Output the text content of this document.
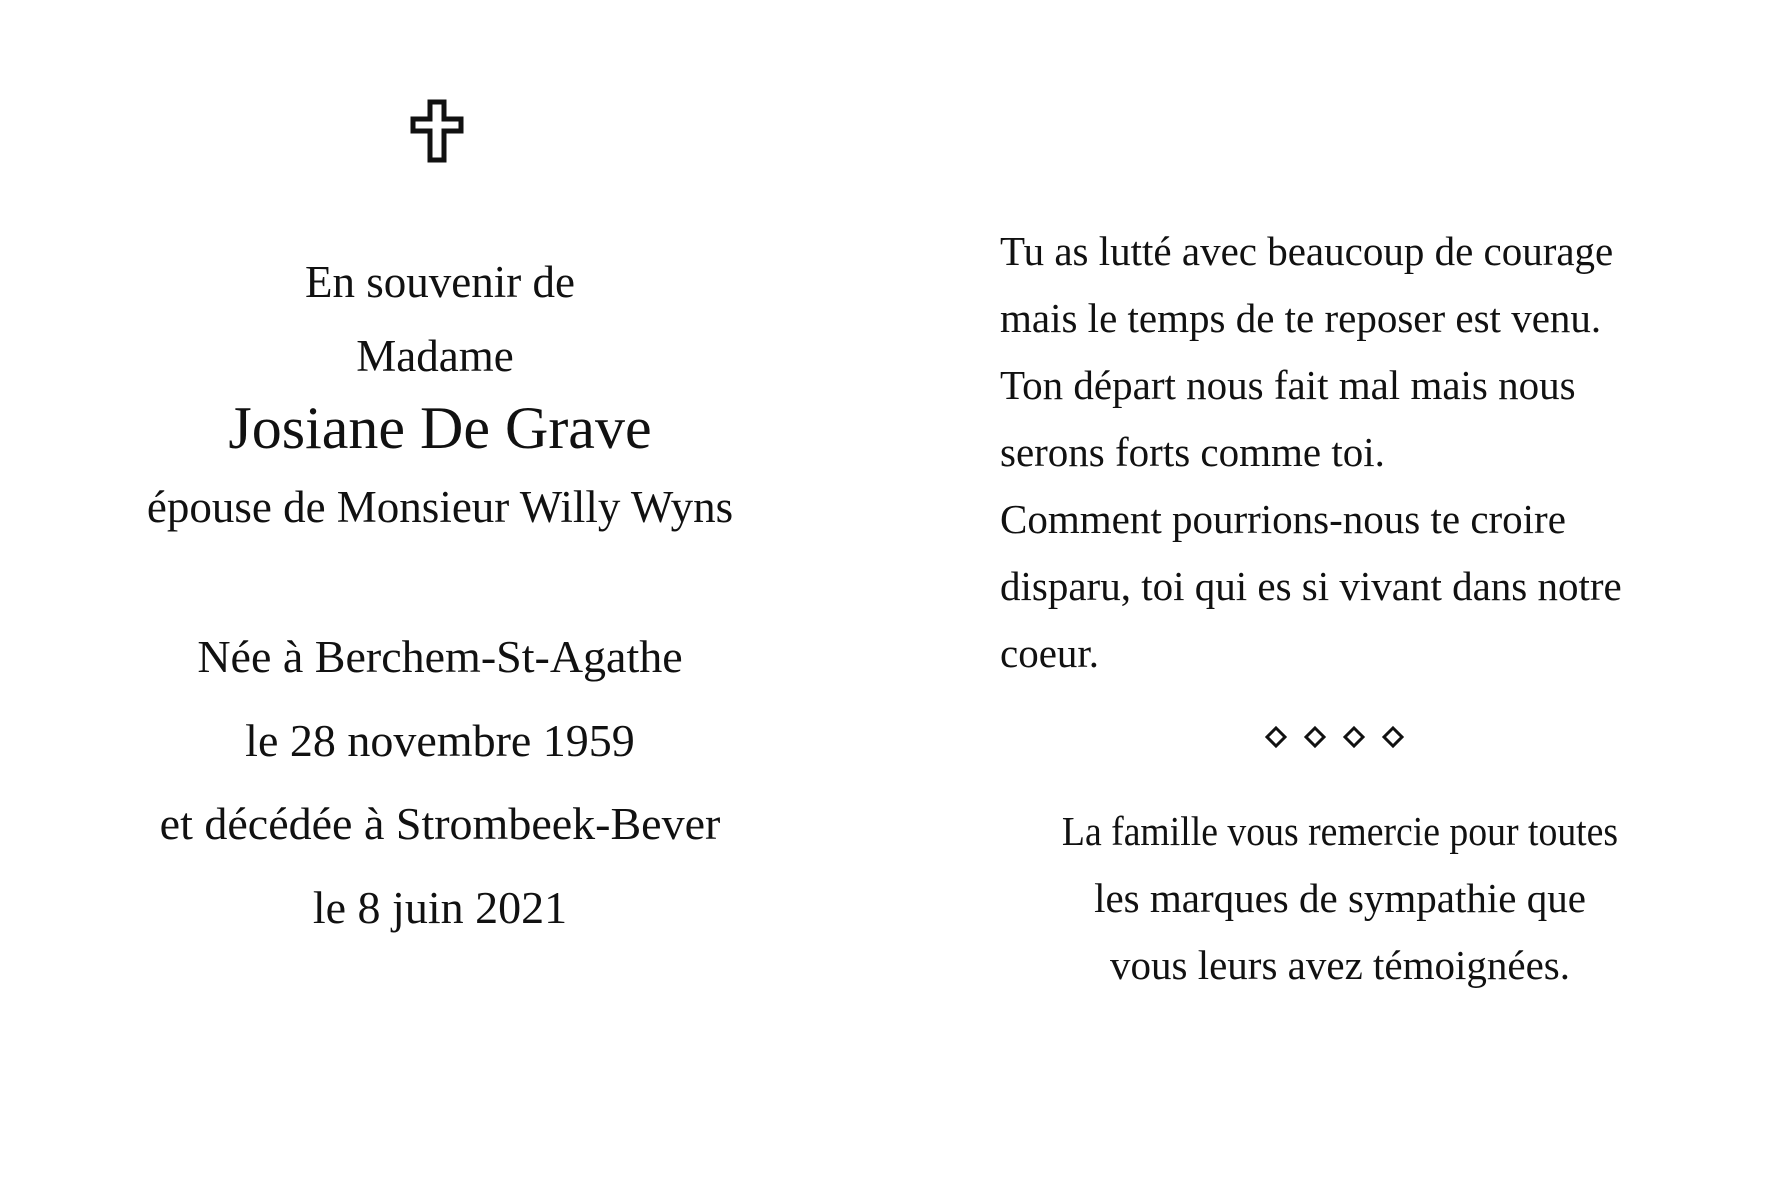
En souvenir de
Madame
Josiane De Grave
épouse de Monsieur Willy Wyns
Née à Berchem-St-Agathe
le 28 novembre 1959
et décédée à Strombeek-Bever
le 8 juin 2021
Tu as lutté avec beaucoup de courage
mais le temps de te reposer est venu.
Ton départ nous fait mal mais nous
serons forts comme toi.
Comment pourrions-nous te croire
disparu, toi qui es si vivant dans notre
coeur.
La famille vous remercie pour toutes
les marques de sympathie que
vous leurs avez témoignées.
